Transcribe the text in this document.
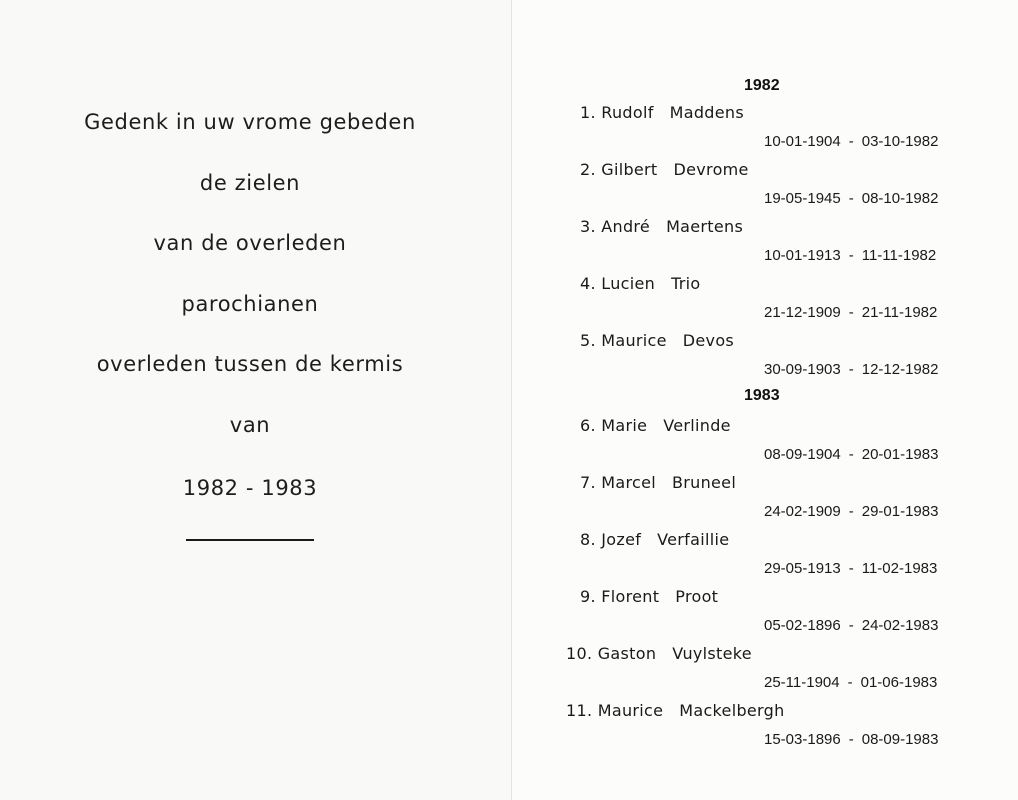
Gedenk in uw vrome gebeden
de zielen
van de overleden
parochianen
overleden tussen de kermis
van
1982 - 1983
1982
1983
1. Rudolf Maddens
10-01-1904 - 03-10-1982
2. Gilbert Devrome
19-05-1945 - 08-10-1982
3. André Maertens
10-01-1913 - 11-11-1982
4. Lucien Trio
21-12-1909 - 21-11-1982
5. Maurice Devos
30-09-1903 - 12-12-1982
6. Marie Verlinde
08-09-1904 - 20-01-1983
7. Marcel Bruneel
24-02-1909 - 29-01-1983
8. Jozef Verfaillie
29-05-1913 - 11-02-1983
9. Florent Proot
05-02-1896 - 24-02-1983
10. Gaston Vuylsteke
25-11-1904 - 01-06-1983
11. Maurice Mackelbergh
15-03-1896 - 08-09-1983
